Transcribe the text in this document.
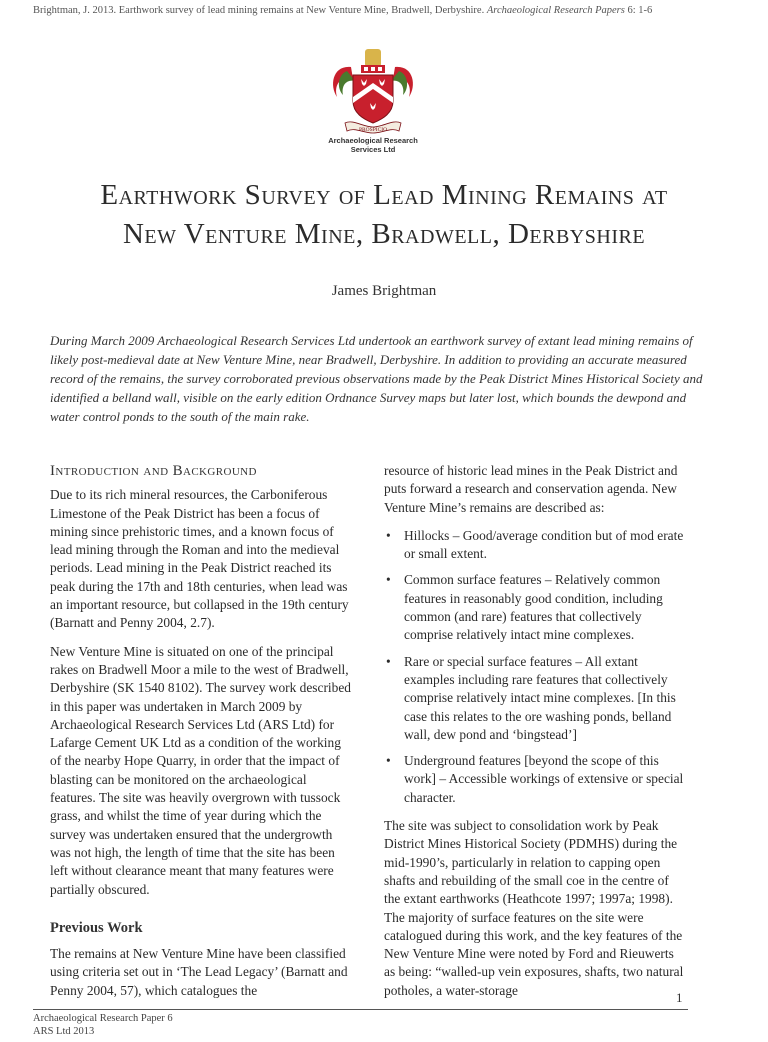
Brightman, J. 2013. Earthwork survey of lead mining remains at New Venture Mine, Bradwell, Derbyshire. Archaeological Research Papers 6: 1-6
PROSPICIO
Archaeological Research
Services Ltd
Earthwork Survey of Lead Mining Remains at
New Venture Mine, Bradwell, Derbyshire
James Brightman

During March 2009 Archaeological Research Services Ltd undertook an earthwork survey of extant lead mining remains of likely post-medieval date at New Venture Mine, near Bradwell, Derbyshire. In addition to providing an accurate measured record of the remains, the survey corroborated previous observations made by the Peak District Mines Historical Society and identified a belland wall, visible on the early edition Ordnance Survey maps but later lost, which bounds the dewpond and water control ponds to the south of the main rake.

Introduction and Background

Due to its rich mineral resources, the Carboniferous Limestone of the Peak District has been a focus of mining since prehistoric times, and a known focus of lead mining through the Roman and into the medieval periods. Lead mining in the Peak District reached its peak during the 17th and 18th centuries, when lead was an important resource, but collapsed in the 19th century (Barnatt and Penny 2004, 2.7).

New Venture Mine is situated on one of the principal rakes on Bradwell Moor a mile to the west of Bradwell, Derbyshire (SK 1540 8102). The survey work described in this paper was undertaken in March 2009 by Archaeological Research Services Ltd (ARS Ltd) for Lafarge Cement UK Ltd as a condition of the working of the nearby Hope Quarry, in order that the impact of blasting can be monitored on the archaeological features. The site was heavily overgrown with tussock grass, and whilst the time of year during which the survey was undertaken ensured that the undergrowth was not high, the length of time that the site has been left without clearance meant that many features were partially obscured.

Previous Work

The remains at New Venture Mine have been classified using criteria set out in ‘The Lead Legacy’ (Barnatt and Penny 2004, 57), which catalogues the

resource of historic lead mines in the Peak District and puts forward a research and conservation agenda. New Venture Mine’s remains are described as:

• Hillocks – Good/average condition but of mod erate or small extent.
• Common surface features – Relatively common features in reasonably good condition, including common (and rare) features that collectively comprise relatively intact mine complexes.
• Rare or special surface features – All extant examples including rare features that collectively comprise relatively intact mine complexes. [In this case this relates to the ore washing ponds, belland wall, dew pond and ‘bingstead’]
• Underground features [beyond the scope of this work] – Accessible workings of extensive or special character.

The site was subject to consolidation work by Peak District Mines Historical Society (PDMHS) during the mid-1990’s, particularly in relation to capping open shafts and rebuilding of the small coe in the centre of the extant earthworks (Heathcote 1997; 1997a; 1998). The majority of surface features on the site were catalogued during this work, and the key features of the New Venture Mine were noted by Ford and Rieuwerts as being: “walled-up vein exposures, shafts, two natural potholes, a water-storage	1
Archaeological Research Paper 6
ARS Ltd 2013
